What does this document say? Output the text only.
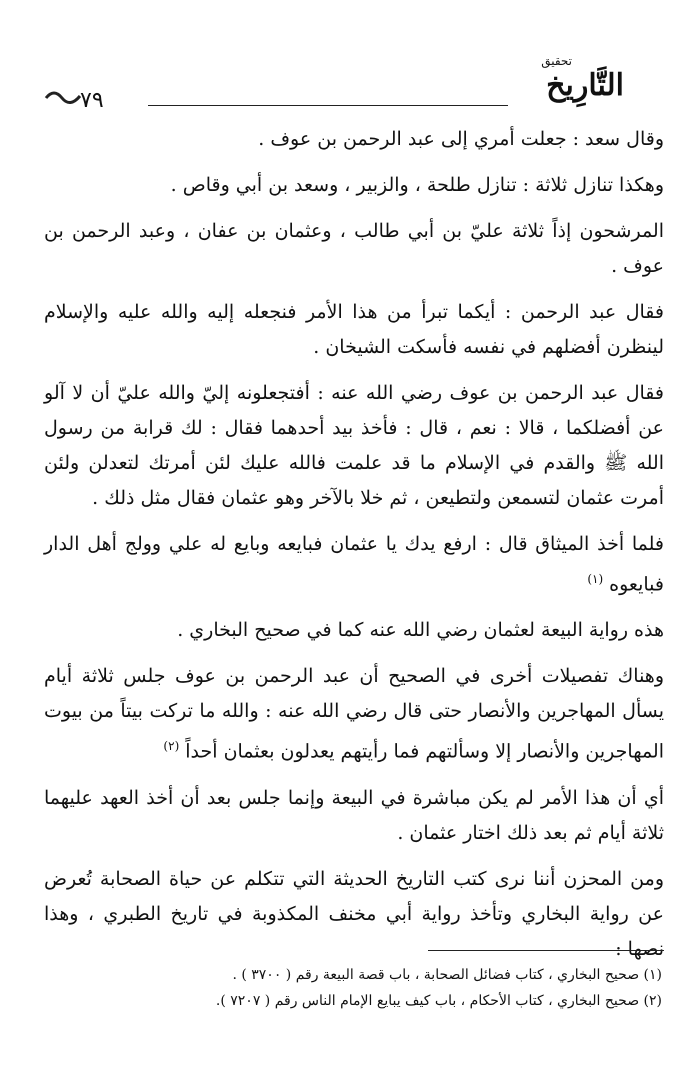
٧٩
تحقيق
التَّارِيخ

وقال سعد : جعلت أمري إلى عبد الرحمن بن عوف .

وهكذا تنازل ثلاثة : تنازل طلحة ، والزبير ، وسعد بن أبي وقاص .

المرشحون إذاً ثلاثة عليّ بن أبي طالب ، وعثمان بن عفان ، وعبد الرحمن بن عوف .

فقال عبد الرحمن : أيكما تبرأ من هذا الأمر فنجعله إليه والله عليه والإسلام لينظرن أفضلهم في نفسه فأسكت الشيخان .

فقال عبد الرحمن بن عوف رضي الله عنه : أفتجعلونه إليّ والله عليّ أن لا آلو عن أفضلكما ، قالا : نعم ، قال : فأخذ بيد أحدهما فقال : لك قرابة من رسول الله ﷺ والقدم في الإسلام ما قد علمت فالله عليك لئن أمرتك لتعدلن ولئن أمرت عثمان لتسمعن ولتطيعن ، ثم خلا بالآخر وهو عثمان فقال مثل ذلك .

فلما أخذ الميثاق قال : ارفع يدك يا عثمان فبايعه وبايع له علي وولج أهل الدار فبايعوه$^{(١)}$

هذه رواية البيعة لعثمان رضي الله عنه كما في صحيح البخاري .

وهناك تفصيلات أخرى في الصحيح أن عبد الرحمن بن عوف جلس ثلاثة أيام يسأل المهاجرين والأنصار حتى قال رضي الله عنه : والله ما تركت بيتاً من بيوت المهاجرين والأنصار إلا وسألتهم فما رأيتهم يعدلون بعثمان أحداً$^{(٢)}$

أي أن هذا الأمر لم يكن مباشرة في البيعة وإنما جلس بعد أن أخذ العهد عليهما ثلاثة أيام ثم بعد ذلك اختار عثمان .

ومن المحزن أننا نرى كتب التاريخ الحديثة التي تتكلم عن حياة الصحابة تُعرض عن رواية البخاري وتأخذ رواية أبي مخنف المكذوبة في تاريخ الطبري ، وهذا نصها :

(١) صحيح البخاري ، كتاب فضائل الصحابة ، باب قصة البيعة رقم ( ٣٧٠٠ ) .

(٢) صحيح البخاري ، كتاب الأحكام ، باب كيف يبايع الإمام الناس رقم ( ٧٢٠٧ ).
